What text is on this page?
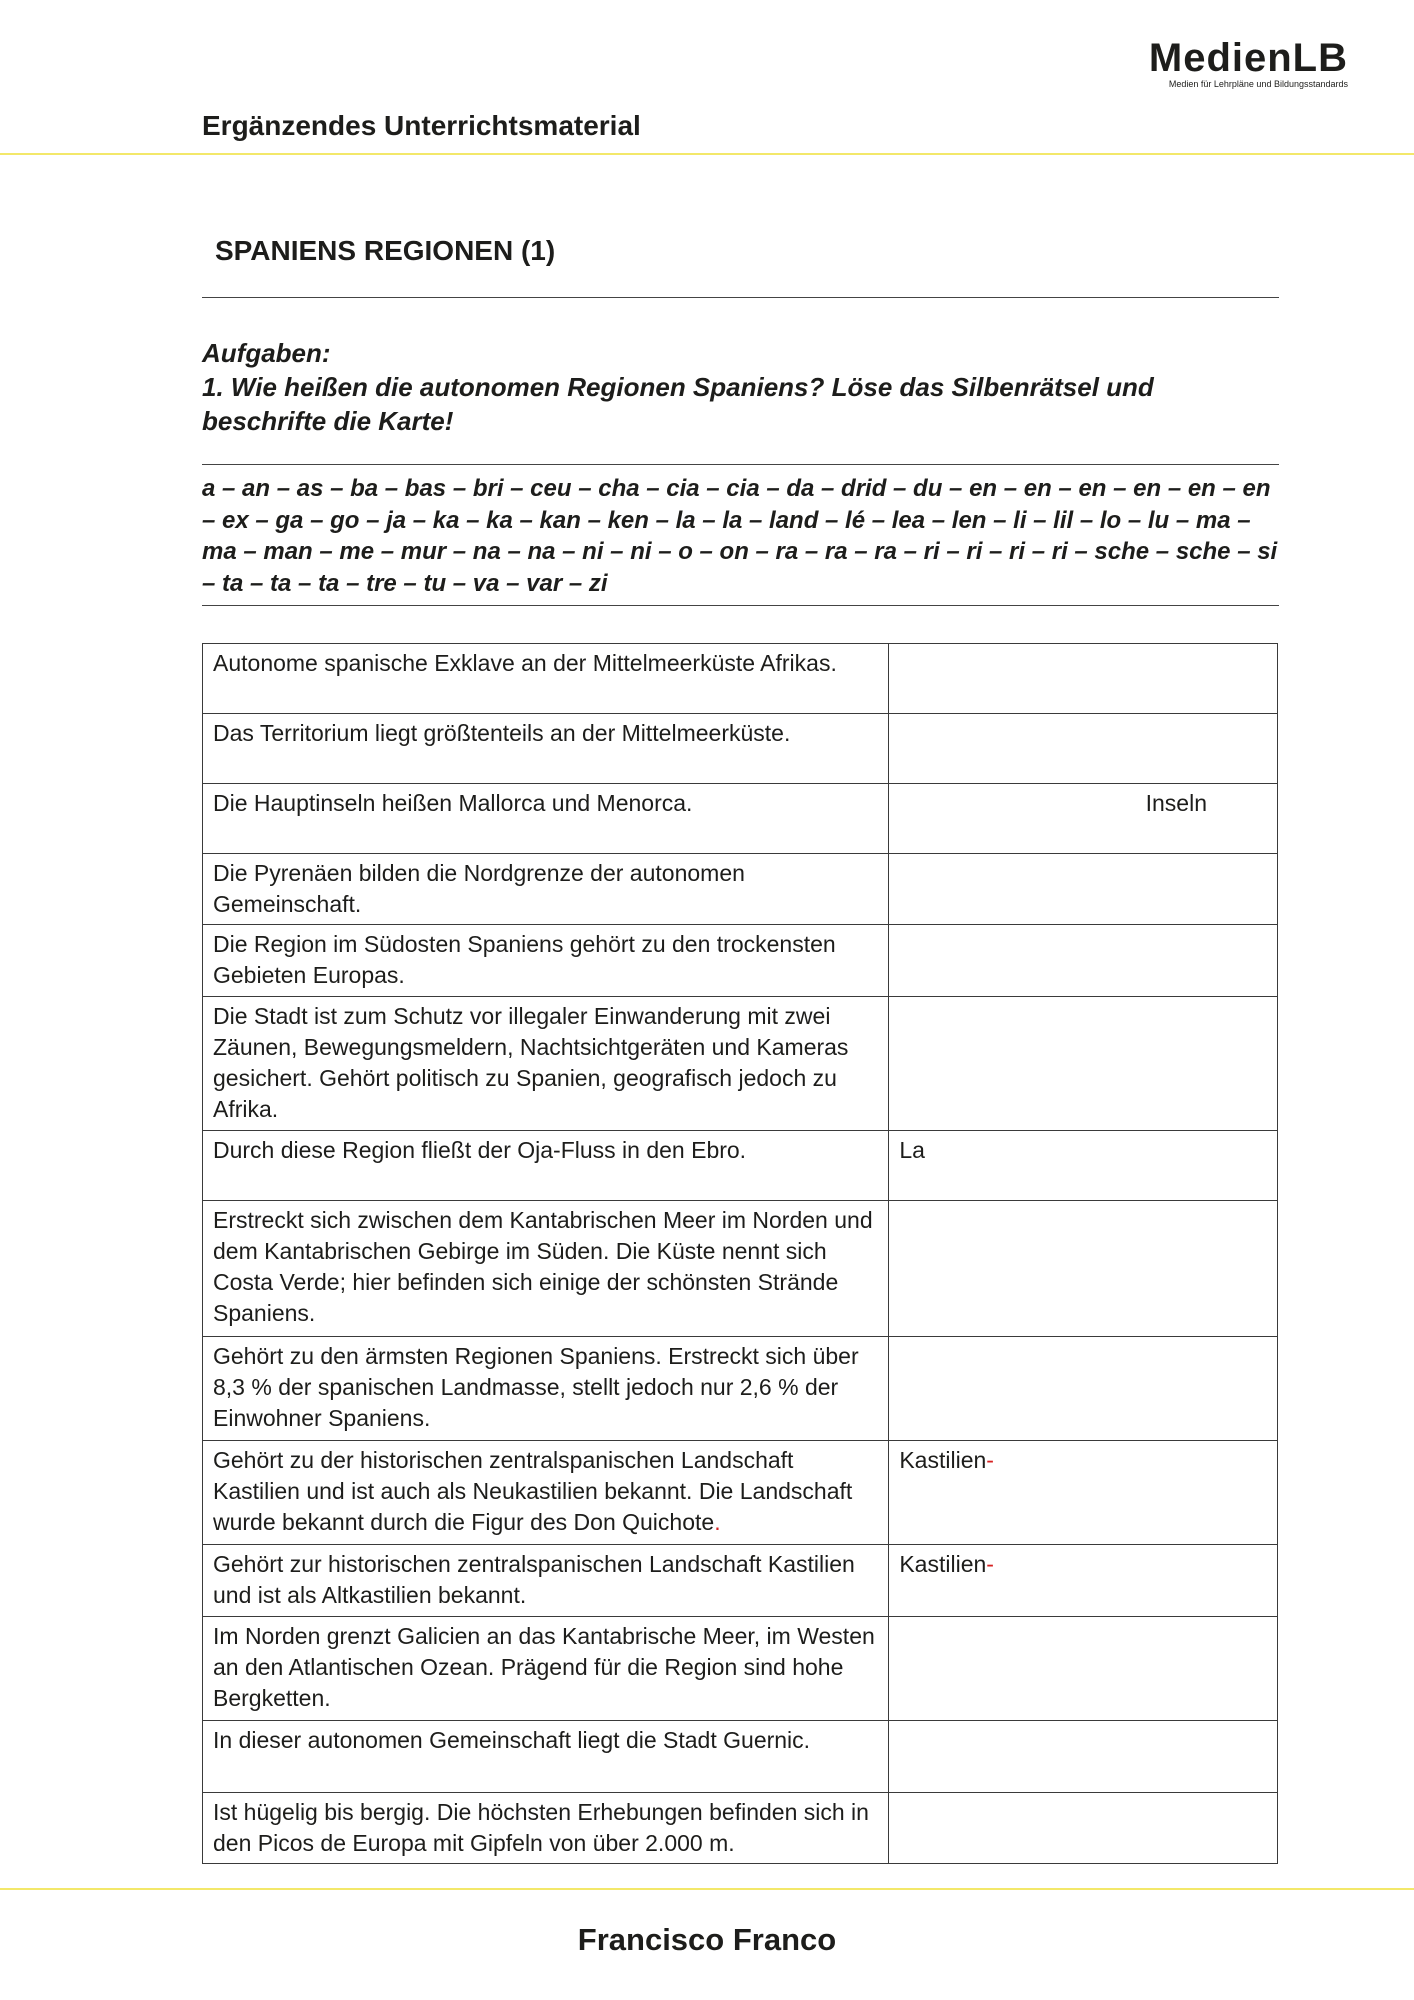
MedienLB
Medien für Lehrpläne und Bildungsstandards
Ergänzendes Unterrichtsmaterial
SPANIENS REGIONEN (1)
Aufgaben:
1. Wie heißen die autonomen Regionen Spaniens? Löse das Silbenrätsel und beschrifte die Karte!
a – an – as – ba – bas – bri – ceu – cha – cia – cia – da – drid – du – en – en – en – en – en – en – ex – ga – go – ja – ka – ka – kan – ken – la – la – land – lé – lea – len – li – lil – lo – lu – ma – ma – man – me – mur – na – na – ni – ni – o – on – ra – ra – ra – ri – ri – ri – ri – sche – sche – si – ta – ta – ta – tre – tu – va – var – zi
Autonome spanische Exklave an der Mittelmeerküste Afrikas.	
Das Territorium liegt größtenteils an der Mittelmeerküste.	
Die Hauptinseln heißen Mallorca und Menorca.	Inseln

Die Pyrenäen bilden die Nordgrenze der autonomen Gemeinschaft.	
Die Region im Südosten Spaniens gehört zu den trockensten Gebieten Europas.	
Die Stadt ist zum Schutz vor illegaler Einwanderung mit zwei Zäunen, Bewegungsmeldern, Nachtsichtgeräten und Kameras gesichert. Gehört politisch zu Spanien, geografisch jedoch zu Afrika.	
Durch diese Region fließt der Oja-Fluss in den Ebro.	La
Erstreckt sich zwischen dem Kantabrischen Meer im Norden und dem Kantabrischen Gebirge im Süden. Die Küste nennt sich Costa Verde; hier befinden sich einige der schönsten Strände Spaniens.	
Gehört zu den ärmsten Regionen Spaniens. Erstreckt sich über 8,3 % der spanischen Landmasse, stellt jedoch nur 2,6 % der Einwohner Spaniens.	
Gehört zu der historischen zentralspanischen Landschaft Kastilien und ist auch als Neukastilien bekannt. Die Landschaft wurde bekannt durch die Figur des Don Quichote.	Kastilien-
Gehört zur historischen zentralspanischen Landschaft Kastilien und ist als Altkastilien bekannt.	Kastilien-
Im Norden grenzt Galicien an das Kantabrische Meer, im Westen an den Atlantischen Ozean. Prägend für die Region sind hohe Bergketten.	
In dieser autonomen Gemeinschaft liegt die Stadt Guernic.	
Ist hügelig bis bergig. Die höchsten Erhebungen befinden sich in den Picos de Europa mit Gipfeln von über 2.000 m.	
Francisco Franco
